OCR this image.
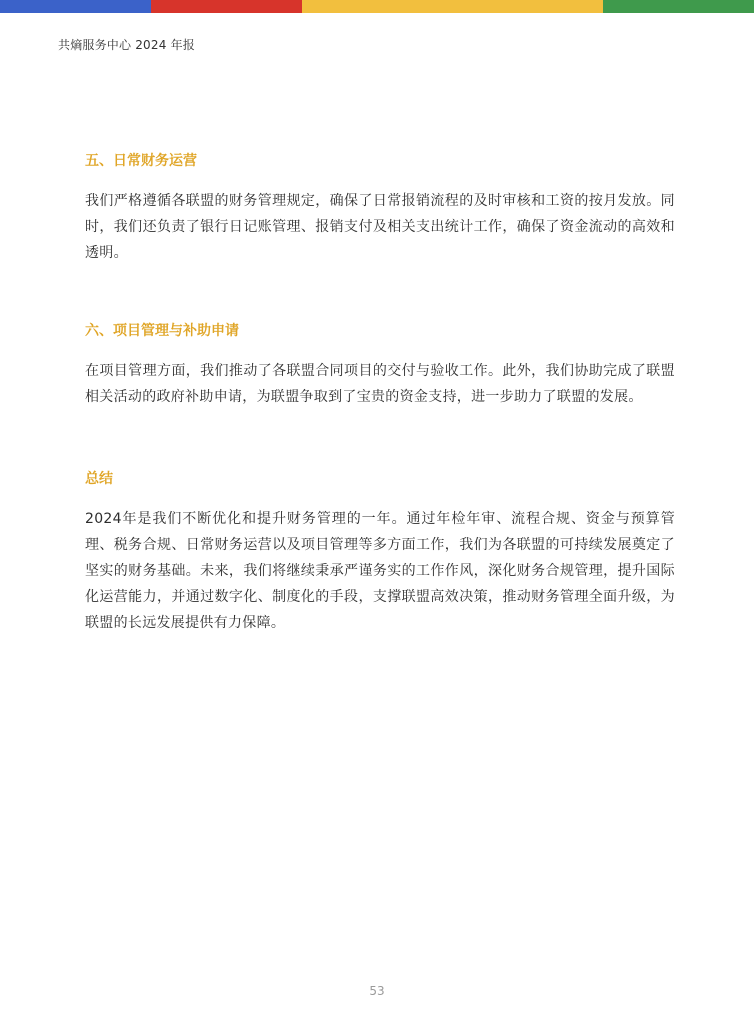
共熵服务中心 2024 年报
五、日常财务运营

我们严格遵循各联盟的财务管理规定，确保了日常报销流程的及时审核和工资的按月发放。同时，我们还负责了银行日记账管理、报销支付及相关支出统计工作，确保了资金流动的高效和透明。

六、项目管理与补助申请

在项目管理方面，我们推动了各联盟合同项目的交付与验收工作。此外，我们协助完成了联盟相关活动的政府补助申请，为联盟争取到了宝贵的资金支持，进一步助力了联盟的发展。

总结

2024年是我们不断优化和提升财务管理的一年。通过年检年审、流程合规、资金与预算管理、税务合规、日常财务运营以及项目管理等多方面工作，我们为各联盟的可持续发展奠定了坚实的财务基础。未来，我们将继续秉承严谨务实的工作作风，深化财务合规管理，提升国际化运营能力，并通过数字化、制度化的手段，支撑联盟高效决策，推动财务管理全面升级，为联盟的长远发展提供有力保障。

53
